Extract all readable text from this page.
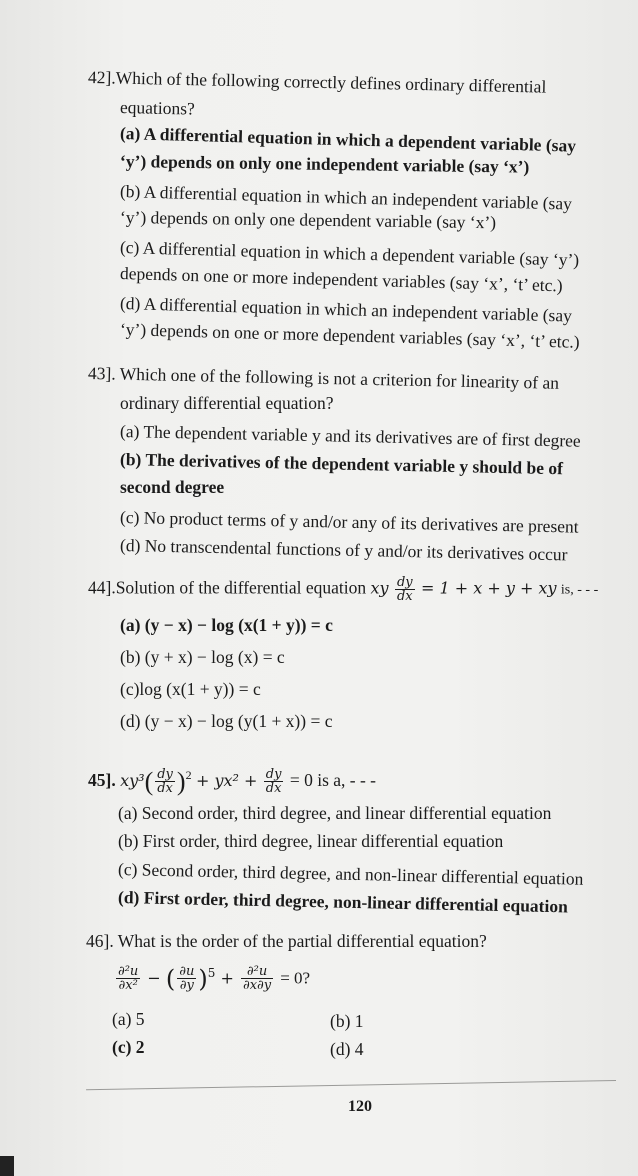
42].Which of the following correctly defines ordinary differential
equations?
(a) A differential equation in which a dependent variable (say
‘y’) depends on only one independent variable (say ‘x’)
(b) A differential equation in which an independent variable (say
‘y’) depends on only one dependent variable (say ‘x’)
(c) A differential equation in which a dependent variable (say ‘y’)
depends on one or more independent variables (say ‘x’, ‘t’ etc.)
(d) A differential equation in which an independent variable (say
‘y’) depends on one or more dependent variables (say ‘x’, ‘t’ etc.)
43]. Which one of the following is not a criterion for linearity of an
ordinary differential equation?
(a) The dependent variable y and its derivatives are of first degree
(b) The derivatives of the dependent variable y should be of
second degree
(c) No product terms of y and/or any of its derivatives are present
(d) No transcendental functions of y and/or its derivatives occur
44].Solution of the differential equation xy $\frac{dy}{dx} = 1 + x + y$ + xy is, - - -
(a) (y − x) − log (x(1 + y)) = c
(b) (y + x) − log (x) = c
(c)log (x(1 + y)) = c
(d) (y − x) − log (y(1 + x)) = c
45]. $xy^3( \frac{dy}{dx} )^2 + yx^2 + \frac{dy}{dx} = 0$ is a, - - -
(a) Second order, third degree, and linear differential equation
(b) First order, third degree, linear differential equation
(c) Second order, third degree, and non-linear differential equation
(d) First order, third degree, non-linear differential equation
46]. What is the order of the partial differential equation?
$\frac{\text{∂²u}}{\text{∂x²}}$ − ( $\frac{\partial u}{\partial y} )^5 + \frac{\text{∂²u}}{\partial x\partial y} = 0$?
(a) 5	(b) 1
(c) 2	(d) 4
120
